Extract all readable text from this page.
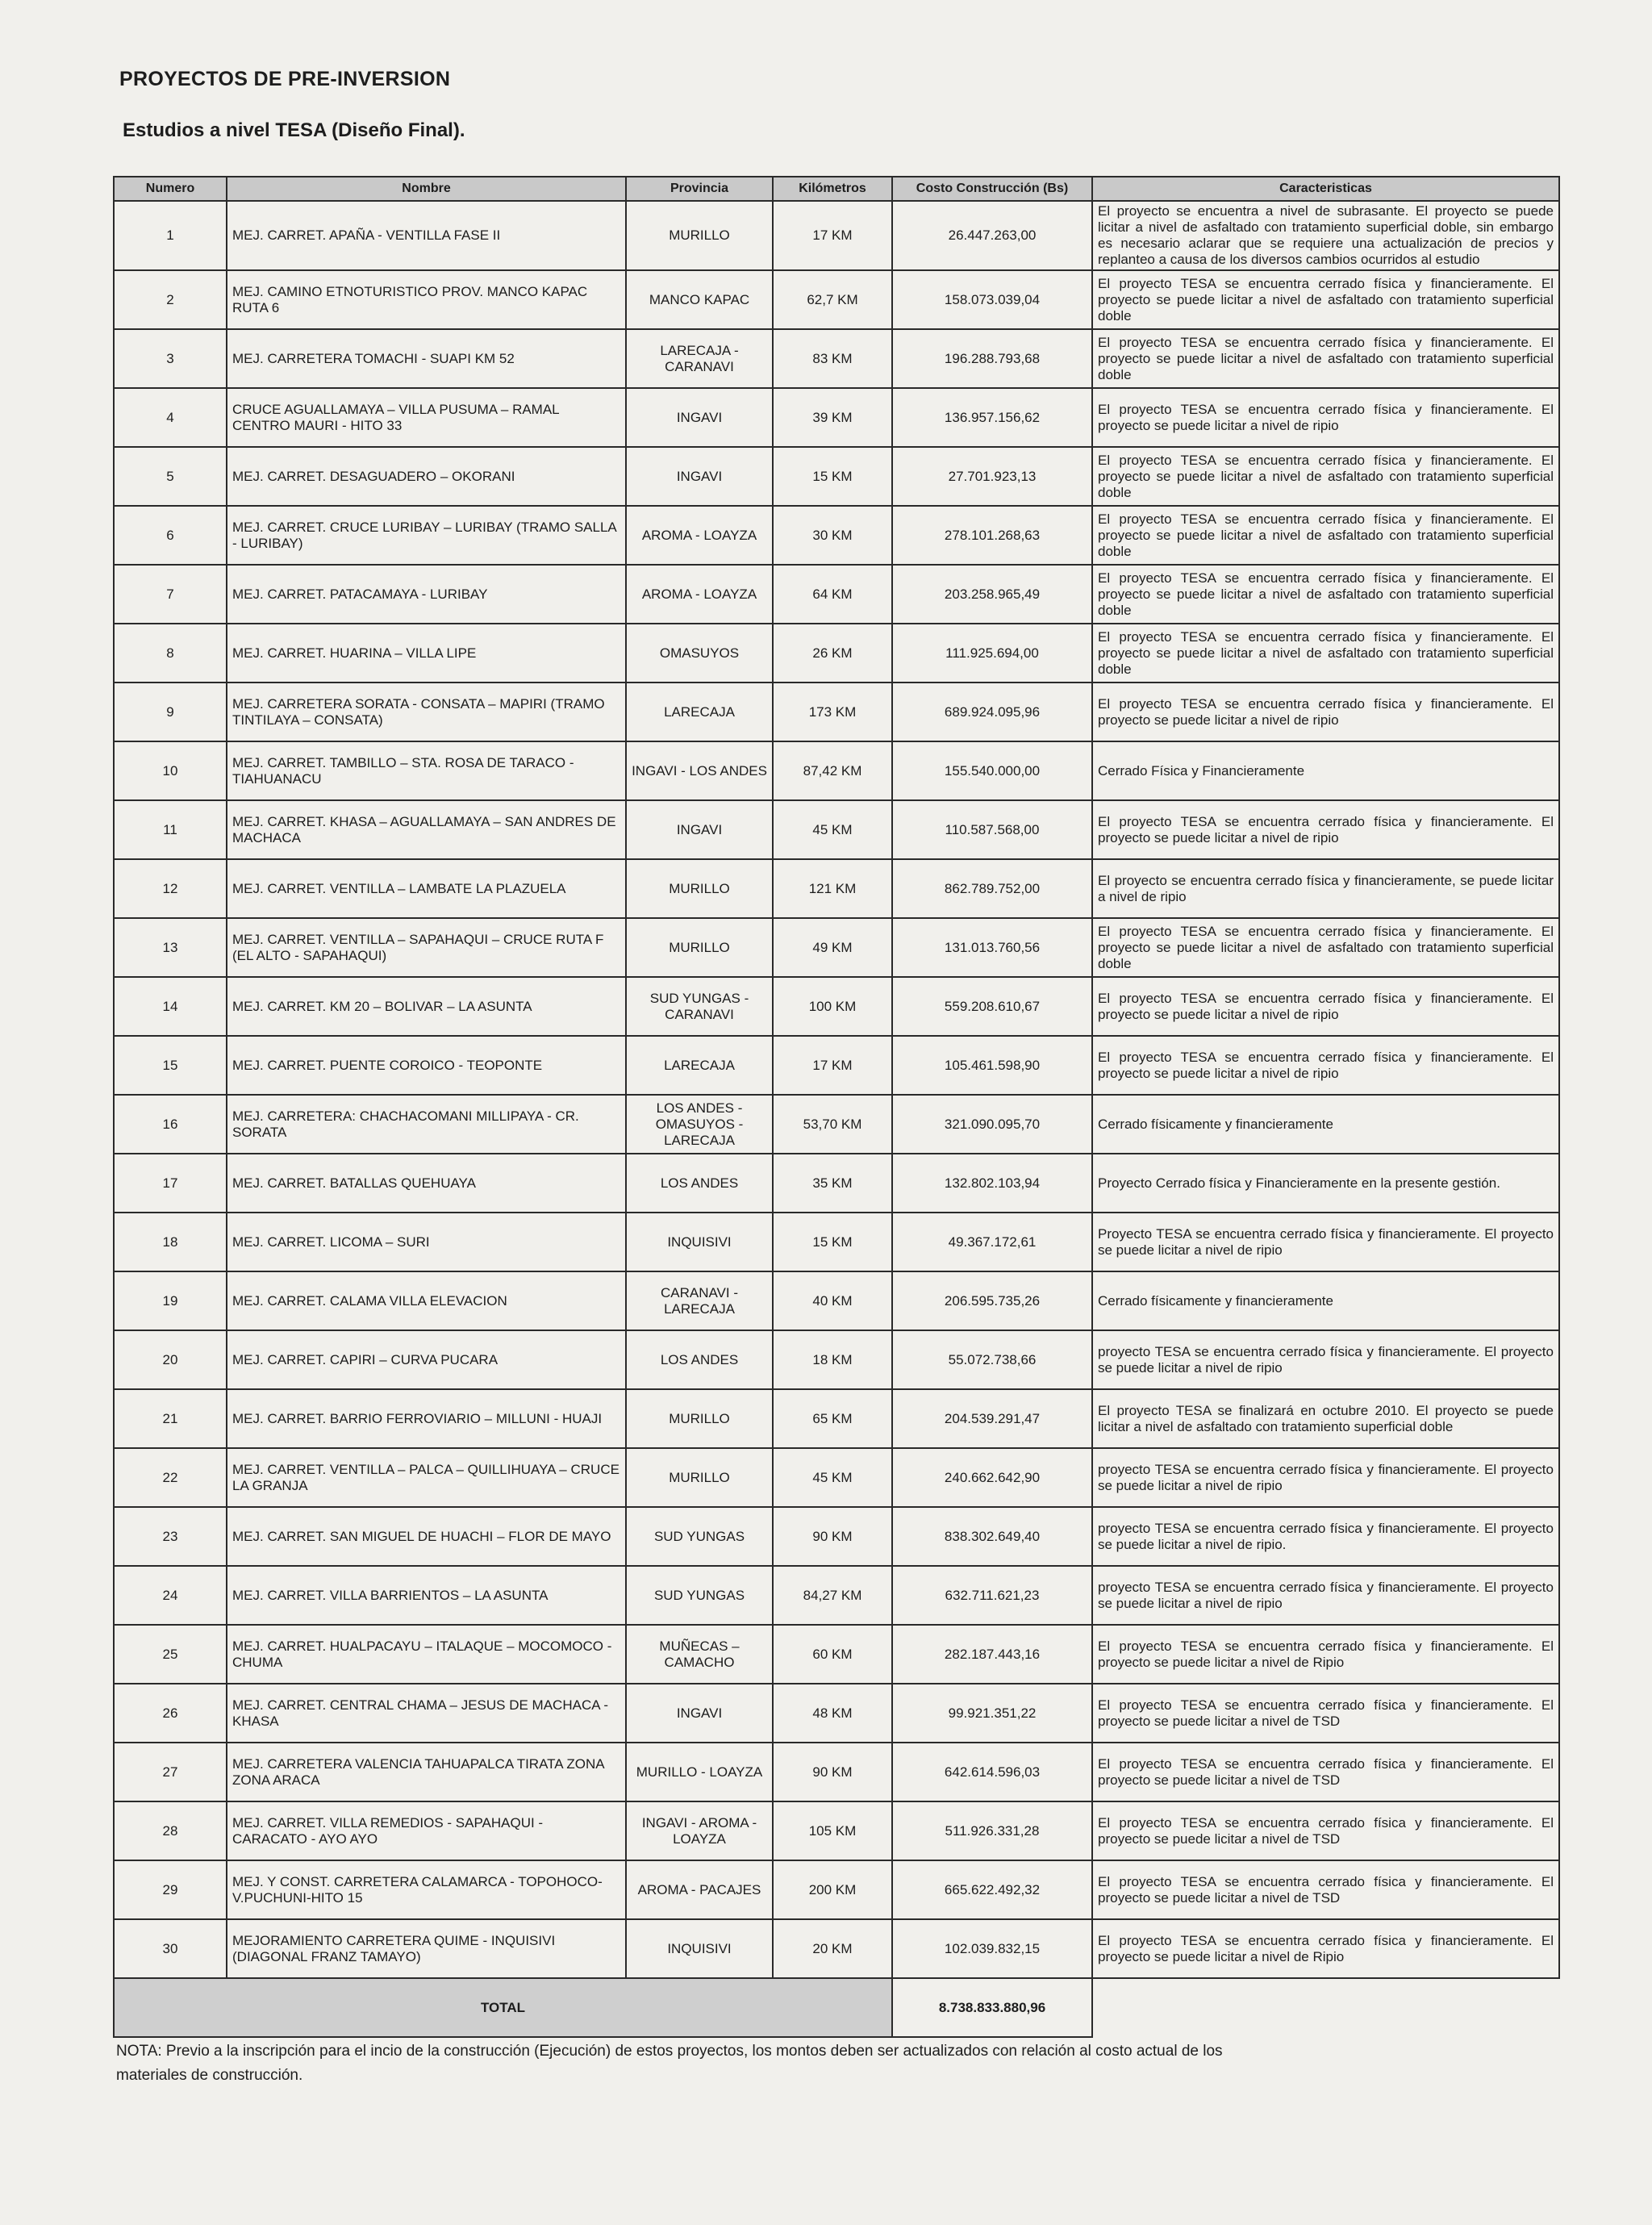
PROYECTOS DE PRE-INVERSION
Estudios a nivel TESA (Diseño Final).
Numero	Nombre	Provincia	Kilómetros	Costo Construcción (Bs)	Caracteristicas
1	MEJ. CARRET. APAÑA - VENTILLA FASE II	MURILLO	17 KM	26.447.263,00	El proyecto se encuentra a nivel de subrasante. El proyecto se puede licitar a nivel de asfaltado con tratamiento superficial doble, sin embargo es necesario aclarar que se requiere una actualización de precios y replanteo a causa de los diversos cambios ocurridos al estudio
2	MEJ. CAMINO ETNOTURISTICO PROV. MANCO KAPAC RUTA 6	MANCO KAPAC	62,7 KM	158.073.039,04	El proyecto TESA se encuentra cerrado física y financieramente. El proyecto se puede licitar a nivel de asfaltado con tratamiento superficial doble
3	MEJ. CARRETERA TOMACHI - SUAPI KM 52	LARECAJA - CARANAVI	83 KM	196.288.793,68	El proyecto TESA se encuentra cerrado física y financieramente. El proyecto se puede licitar a nivel de asfaltado con tratamiento superficial doble
4	CRUCE AGUALLAMAYA – VILLA PUSUMA – RAMAL CENTRO MAURI - HITO 33	INGAVI	39 KM	136.957.156,62	El proyecto TESA se encuentra cerrado física y financieramente. El proyecto se puede licitar a nivel de ripio
5	MEJ. CARRET. DESAGUADERO – OKORANI	INGAVI	15 KM	27.701.923,13	El proyecto TESA se encuentra cerrado física y financieramente. El proyecto se puede licitar a nivel de asfaltado con tratamiento superficial doble
6	MEJ. CARRET. CRUCE LURIBAY – LURIBAY (TRAMO SALLA - LURIBAY)	AROMA - LOAYZA	30 KM	278.101.268,63	El proyecto TESA se encuentra cerrado física y financieramente. El proyecto se puede licitar a nivel de asfaltado con tratamiento superficial doble
7	MEJ. CARRET. PATACAMAYA - LURIBAY	AROMA - LOAYZA	64 KM	203.258.965,49	El proyecto TESA se encuentra cerrado física y financieramente. El proyecto se puede licitar a nivel de asfaltado con tratamiento superficial doble
8	MEJ. CARRET. HUARINA – VILLA LIPE	OMASUYOS	26 KM	111.925.694,00	El proyecto TESA se encuentra cerrado física y financieramente. El proyecto se puede licitar a nivel de asfaltado con tratamiento superficial doble
9	MEJ. CARRETERA SORATA - CONSATA – MAPIRI (TRAMO TINTILAYA – CONSATA)	LARECAJA	173 KM	689.924.095,96	El proyecto TESA se encuentra cerrado física y financieramente. El proyecto se puede licitar a nivel de ripio
10	MEJ. CARRET. TAMBILLO – STA. ROSA DE TARACO - TIAHUANACU	INGAVI - LOS ANDES	87,42 KM	155.540.000,00	Cerrado Física y Financieramente
11	MEJ. CARRET. KHASA – AGUALLAMAYA – SAN ANDRES DE MACHACA	INGAVI	45 KM	110.587.568,00	El proyecto TESA se encuentra cerrado física y financieramente. El proyecto se puede licitar a nivel de ripio
12	MEJ. CARRET. VENTILLA – LAMBATE LA PLAZUELA	MURILLO	121 KM	862.789.752,00	El proyecto se encuentra cerrado física y financieramente, se puede licitar a nivel de ripio
13	MEJ. CARRET. VENTILLA – SAPAHAQUI – CRUCE RUTA F (EL ALTO - SAPAHAQUI)	MURILLO	49 KM	131.013.760,56	El proyecto TESA se encuentra cerrado física y financieramente. El proyecto se puede licitar a nivel de asfaltado con tratamiento superficial doble
14	MEJ. CARRET. KM 20 – BOLIVAR – LA ASUNTA	SUD YUNGAS - CARANAVI	100 KM	559.208.610,67	El proyecto TESA se encuentra cerrado física y financieramente. El proyecto se puede licitar a nivel de ripio
15	MEJ. CARRET. PUENTE COROICO - TEOPONTE	LARECAJA	17 KM	105.461.598,90	El proyecto TESA se encuentra cerrado física y financieramente. El proyecto se puede licitar a nivel de ripio
16	MEJ. CARRETERA: CHACHACOMANI MILLIPAYA - CR. SORATA	LOS ANDES - OMASUYOS - LARECAJA	53,70 KM	321.090.095,70	Cerrado físicamente y financieramente
17	MEJ. CARRET. BATALLAS QUEHUAYA	LOS ANDES	35 KM	132.802.103,94	Proyecto Cerrado física y Financieramente en la presente gestión.
18	MEJ. CARRET. LICOMA – SURI	INQUISIVI	15 KM	49.367.172,61	Proyecto TESA se encuentra cerrado física y financieramente. El proyecto se puede licitar a nivel de ripio
19	MEJ. CARRET. CALAMA VILLA ELEVACION	CARANAVI - LARECAJA	40 KM	206.595.735,26	Cerrado físicamente y financieramente
20	MEJ. CARRET. CAPIRI – CURVA PUCARA	LOS ANDES	18 KM	55.072.738,66	proyecto TESA se encuentra cerrado física y financieramente. El proyecto se puede licitar a nivel de ripio
21	MEJ. CARRET. BARRIO FERROVIARIO – MILLUNI - HUAJI	MURILLO	65 KM	204.539.291,47	El proyecto TESA se finalizará en octubre 2010. El proyecto se puede licitar a nivel de asfaltado con tratamiento superficial doble
22	MEJ. CARRET. VENTILLA – PALCA – QUILLIHUAYA – CRUCE LA GRANJA	MURILLO	45 KM	240.662.642,90	proyecto TESA se encuentra cerrado física y financieramente. El proyecto se puede licitar a nivel de ripio
23	MEJ. CARRET. SAN MIGUEL DE HUACHI – FLOR DE MAYO	SUD YUNGAS	90 KM	838.302.649,40	proyecto TESA se encuentra cerrado física y financieramente. El proyecto se puede licitar a nivel de ripio.
24	MEJ. CARRET. VILLA BARRIENTOS – LA ASUNTA	SUD YUNGAS	84,27 KM	632.711.621,23	proyecto TESA se encuentra cerrado física y financieramente. El proyecto se puede licitar a nivel de ripio
25	MEJ. CARRET. HUALPACAYU – ITALAQUE – MOCOMOCO - CHUMA	MUÑECAS – CAMACHO	60 KM	282.187.443,16	El proyecto TESA se encuentra cerrado física y financieramente. El proyecto se puede licitar a nivel de Ripio
26	MEJ. CARRET. CENTRAL CHAMA – JESUS DE MACHACA - KHASA	INGAVI	48 KM	99.921.351,22	El proyecto TESA se encuentra cerrado física y financieramente. El proyecto se puede licitar a nivel de TSD
27	MEJ. CARRETERA VALENCIA TAHUAPALCA TIRATA ZONA ZONA ARACA	MURILLO - LOAYZA	90 KM	642.614.596,03	El proyecto TESA se encuentra cerrado física y financieramente. El proyecto se puede licitar a nivel de TSD
28	MEJ. CARRET. VILLA REMEDIOS - SAPAHAQUI - CARACATO - AYO AYO	INGAVI - AROMA - LOAYZA	105 KM	511.926.331,28	El proyecto TESA se encuentra cerrado física y financieramente. El proyecto se puede licitar a nivel de TSD
29	MEJ. Y CONST. CARRETERA CALAMARCA - TOPOHOCO-V.PUCHUNI-HITO 15	AROMA - PACAJES	200 KM	665.622.492,32	El proyecto TESA se encuentra cerrado física y financieramente. El proyecto se puede licitar a nivel de TSD
30	MEJORAMIENTO CARRETERA QUIME - INQUISIVI (DIAGONAL FRANZ TAMAYO)	INQUISIVI	20 KM	102.039.832,15	El proyecto TESA se encuentra cerrado física y financieramente. El proyecto se puede licitar a nivel de Ripio
TOTAL				8.738.833.880,96	
NOTA: Previo a la inscripción para el incio de la construcción (Ejecución) de estos proyectos, los montos deben ser actualizados con relación al costo actual de los materiales de construcción.
